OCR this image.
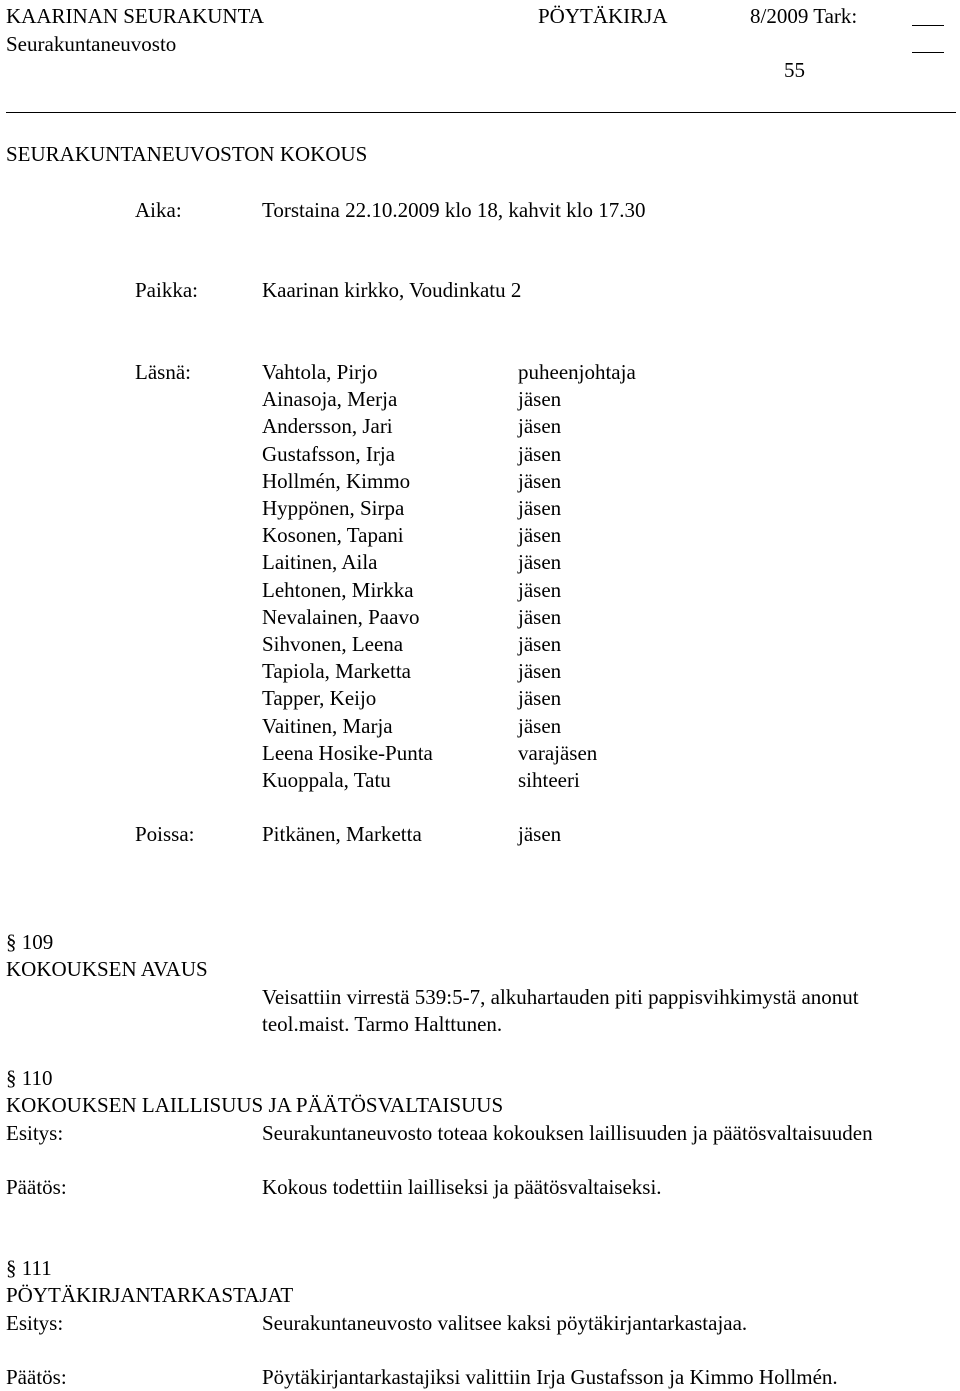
KAARINAN SEURAKUNTA
Seurakuntaneuvosto
PÖYTÄKIRJA	8/2009 Tark:
55
SEURAKUNTANEUVOSTON KOKOUS
Aika:	Torstaina 22.10.2009 klo 18, kahvit klo 17.30
Paikka:	Kaarinan kirkko, Voudinkatu 2
Läsnä:	Vahtola, Pirjo	puheenjohtaja
Ainasoja, Merja	jäsen
Andersson, Jari	jäsen
Gustafsson, Irja	jäsen
Hollmén, Kimmo	jäsen
Hyppönen, Sirpa	jäsen
Kosonen, Tapani	jäsen
Laitinen, Aila	jäsen
Lehtonen, Mirkka	jäsen
Nevalainen, Paavo	jäsen
Sihvonen, Leena	jäsen
Tapiola, Marketta	jäsen
Tapper, Keijo	jäsen
Vaitinen, Marja	jäsen
Leena Hosike-Punta	varajäsen
Kuoppala, Tatu	sihteeri
Poissa:	Pitkänen, Marketta	jäsen
§ 109
KOKOUKSEN AVAUS
Veisattiin virrestä 539:5-7, alkuhartauden piti pappisvihkimystä anonut
teol.maist. Tarmo Halttunen.
§ 110
KOKOUKSEN LAILLISUUS JA PÄÄTÖSVALTAISUUS
Esitys:	Seurakuntaneuvosto toteaa kokouksen laillisuuden ja päätösvaltaisuuden
Päätös:	Kokous todettiin lailliseksi ja päätösvaltaiseksi.
§ 111
PÖYTÄKIRJANTARKASTAJAT
Esitys:	Seurakuntaneuvosto valitsee kaksi pöytäkirjantarkastajaa.
Päätös:	Pöytäkirjantarkastajiksi valittiin Irja Gustafsson ja Kimmo Hollmén.
